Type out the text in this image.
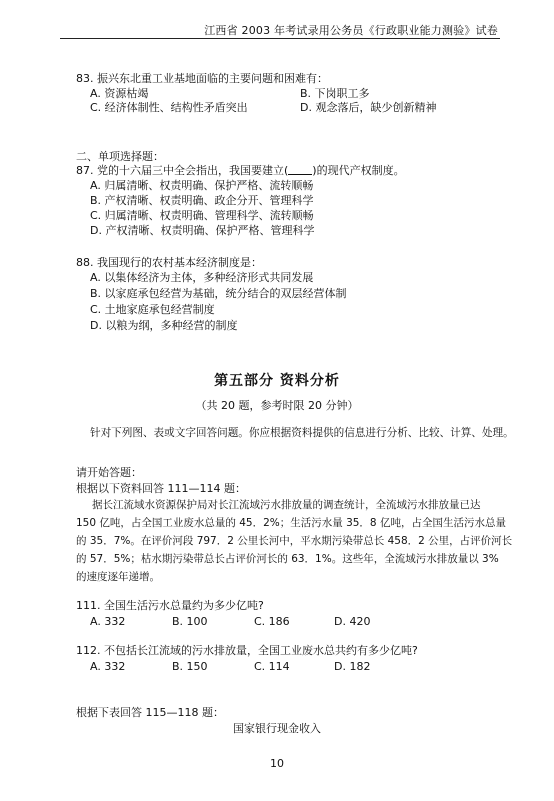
江西省 2003 年考试录用公务员《行政职业能力测验》试卷
83. 振兴东北重工业基地面临的主要问题和困难有：
A. 资源枯竭	B. 下岗职工多
C. 经济体制性、结构性矛盾突出	D. 观念落后，缺少创新精神
二、单项选择题：
87. 党的十六届三中全会指出，我国要建立( )的现代产权制度。
A. 归属清晰、权责明确、保护严格、流转顺畅
B. 产权清晰、权责明确、政企分开、管理科学
C. 归属清晰、权责明确、管理科学、流转顺畅
D. 产权清晰、权责明确、保护严格、管理科学
88. 我国现行的农村基本经济制度是：
A. 以集体经济为主体，多种经济形式共同发展
B. 以家庭承包经营为基础，统分结合的双层经营体制
C. 土地家庭承包经营制度
D. 以粮为纲，多种经营的制度
第五部分 资料分析
（共 20 题，参考时限 20 分钟）
针对下列图、表或文字回答问题。你应根据资料提供的信息进行分析、比较、计算、处理。
请开始答题：
根据以下资料回答 111—114 题：
据长江流域水资源保护局对长江流域污水排放量的调查统计，全流域污水排放量已达
150 亿吨，占全国工业废水总量的 45．2%；生活污水量 35．8 亿吨，占全国生活污水总量
的 35．7%。在评价河段 797．2 公里长河中，平水期污染带总长 458．2 公里，占评价河长
的 57．5%；枯水期污染带总长占评价河长的 63．1%。这些年，全流域污水排放量以 3%
的速度逐年递增。
111. 全国生活污水总量约为多少亿吨?
A. 332	B. 100	C. 186	D. 420
112. 不包括长江流域的污水排放量，全国工业废水总共约有多少亿吨?
A. 332	B. 150	C. 114	D. 182
根据下表回答 115—118 题：
国家银行现金收入
10
